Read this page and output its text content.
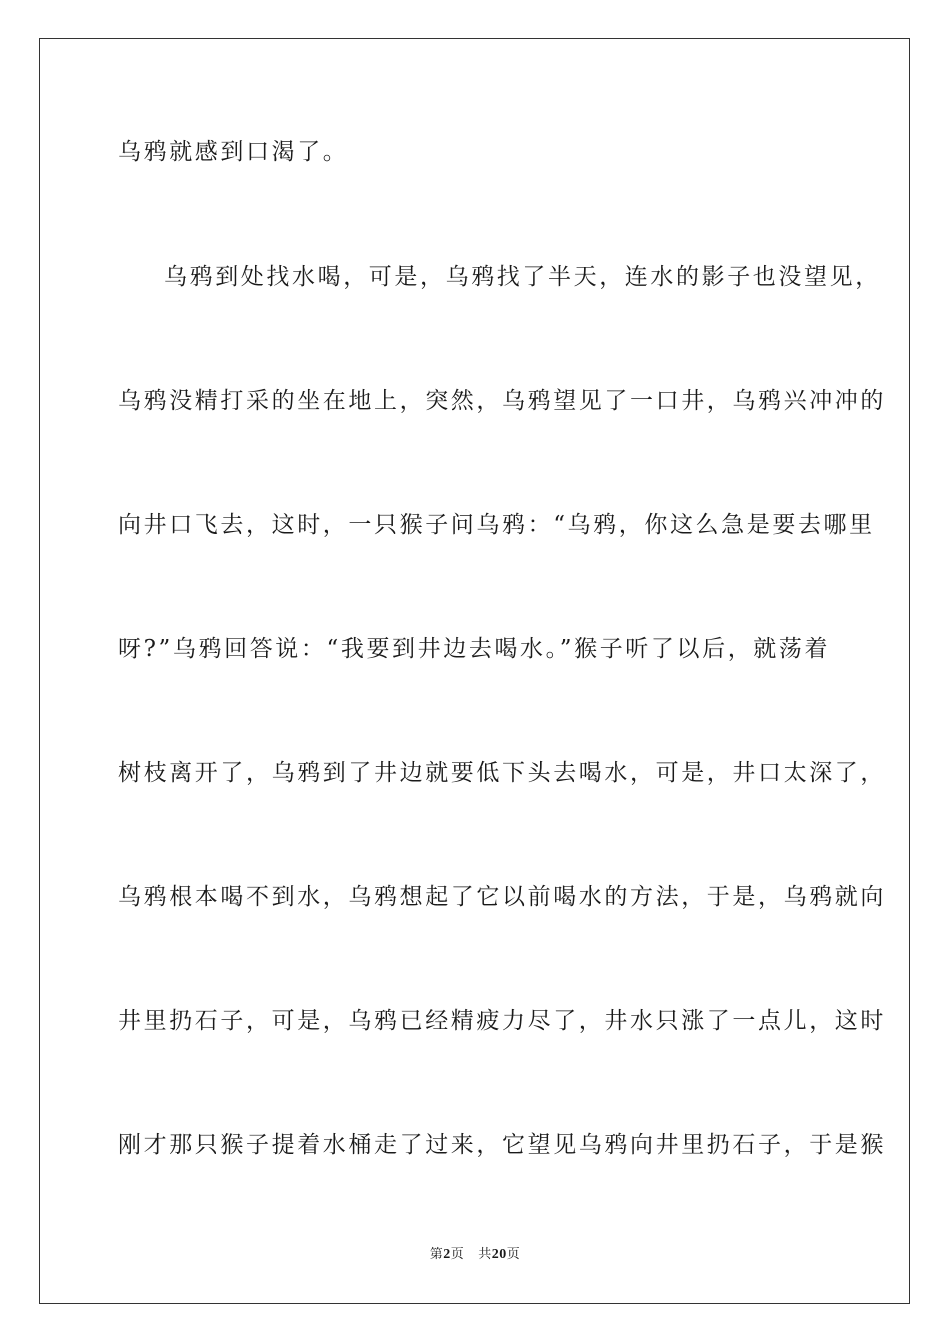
乌鸦就感到口渴了。
乌鸦到处找水喝，可是，乌鸦找了半天，连水的影子也没望见，
乌鸦没精打采的坐在地上，突然，乌鸦望见了一口井，乌鸦兴冲冲的
向井口飞去，这时，一只猴子问乌鸦：“乌鸦，你这么急是要去哪里
呀?”乌鸦回答说：“我要到井边去喝水。”猴子听了以后，就荡着
树枝离开了，乌鸦到了井边就要低下头去喝水，可是，井口太深了，
乌鸦根本喝不到水，乌鸦想起了它以前喝水的方法，于是，乌鸦就向
井里扔石子，可是，乌鸦已经精疲力尽了，井水只涨了一点儿，这时
刚才那只猴子提着水桶走了过来，它望见乌鸦向井里扔石子，于是猴
第2页 共20页
